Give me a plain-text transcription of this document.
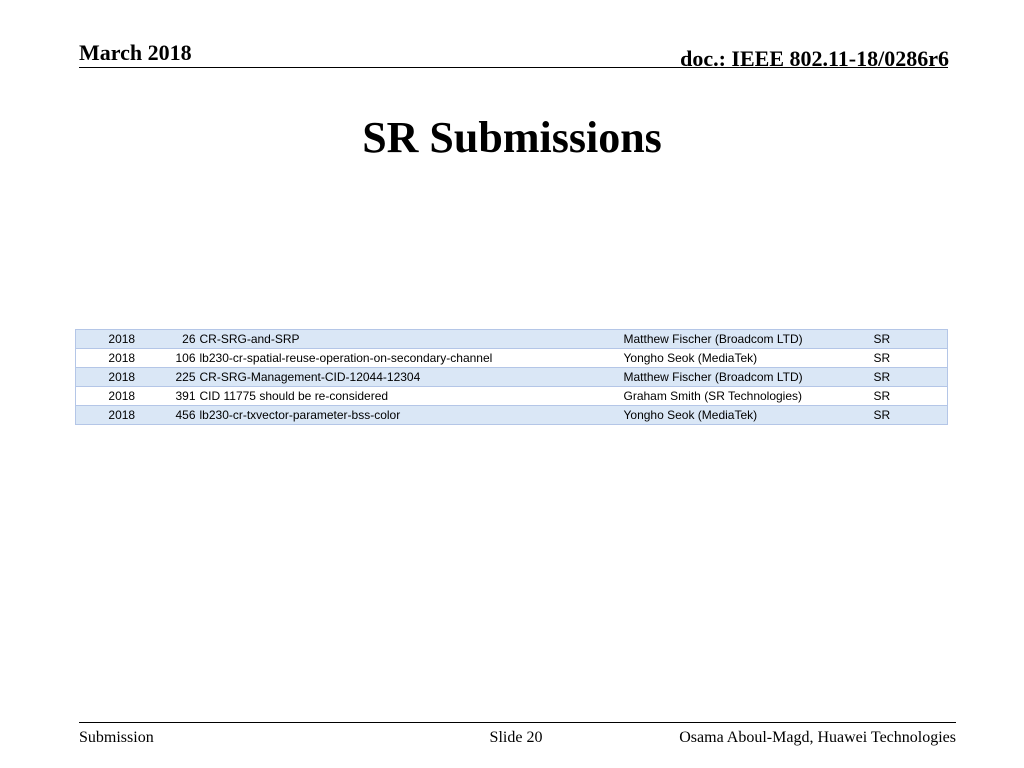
March 2018	doc.: IEEE 802.11-18/0286r6
SR Submissions
2018	26	CR-SRG-and-SRP	Matthew Fischer (Broadcom LTD)	SR
2018	106	lb230-cr-spatial-reuse-operation-on-secondary-channel	Yongho Seok (MediaTek)	SR
2018	225	CR-SRG-Management-CID-12044-12304	Matthew Fischer (Broadcom LTD)	SR
2018	391	CID 11775 should be re-considered	Graham Smith (SR Technologies)	SR
2018	456	lb230-cr-txvector-parameter-bss-color	Yongho Seok (MediaTek)	SR
Submission	Slide 20	Osama Aboul-Magd, Huawei Technologies
